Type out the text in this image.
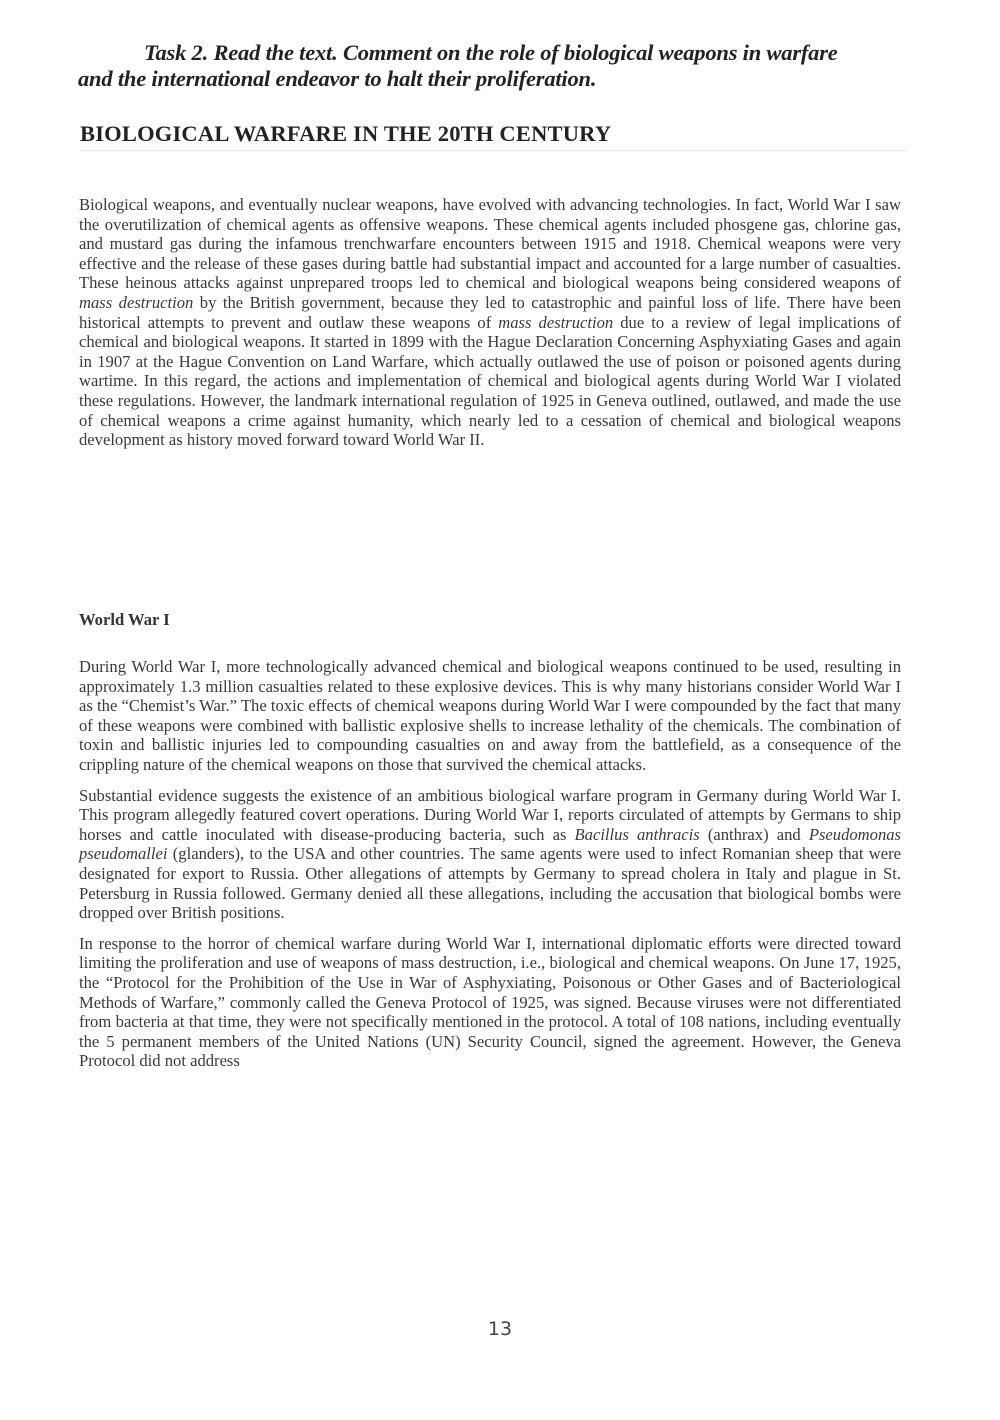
Task 2. Read the text. Comment on the role of biological weapons in warfare
and the international endeavor to halt their proliferation.
BIOLOGICAL WARFARE IN THE 20TH CENTURY

Biological weapons, and eventually nuclear weapons, have evolved with advancing technologies. In fact, World War I saw the overutilization of chemical agents as offensive weapons. These chemical agents included phosgene gas, chlorine gas, and mustard gas during the infamous trenchwarfare encounters between 1915 and 1918. Chemical weapons were very effective and the release of these gases during battle had substantial impact and accounted for a large number of casualties. These heinous attacks against unprepared troops led to chemical and biological weapons being considered weapons of mass destruction by the British government, because they led to catastrophic and painful loss of life. There have been historical attempts to prevent and outlaw these weapons of mass destruction due to a review of legal implications of chemical and biological weapons. It started in 1899 with the Hague Declaration Concerning Asphyxiating Gases and again in 1907 at the Hague Convention on Land Warfare, which actually outlawed the use of poison or poisoned agents during wartime. In this regard, the actions and implementation of chemical and biological agents during World War I violated these regulations. However, the landmark international regulation of 1925 in Geneva outlined, outlawed, and made the use of chemical weapons a crime against humanity, which nearly led to a cessation of chemical and biological weapons development as history moved forward toward World War II.

World War I

During World War I, more technologically advanced chemical and biological weapons continued to be used, resulting in approximately 1.3 million casualties related to these explosive devices. This is why many historians consider World War I as the “Chemist’s War.” The toxic effects of chemical weapons during World War I were compounded by the fact that many of these weapons were combined with ballistic explosive shells to increase lethality of the chemicals. The combination of toxin and ballistic injuries led to compounding casualties on and away from the battlefield, as a consequence of the crippling nature of the chemical weapons on those that survived the chemical attacks.

Substantial evidence suggests the existence of an ambitious biological warfare program in Germany during World War I. This program allegedly featured covert operations. During World War I, reports circulated of attempts by Germans to ship horses and cattle inoculated with disease-producing bacteria, such as Bacillus anthracis (anthrax) and Pseudomonas pseudomallei (glanders), to the USA and other countries. The same agents were used to infect Romanian sheep that were designated for export to Russia. Other allegations of attempts by Germany to spread cholera in Italy and plague in St. Petersburg in Russia followed. Germany denied all these allegations, including the accusation that biological bombs were dropped over British positions.

In response to the horror of chemical warfare during World War I, international diplomatic efforts were directed toward limiting the proliferation and use of weapons of mass destruction, i.e., biological and chemical weapons. On June 17, 1925, the “Protocol for the Prohibition of the Use in War of Asphyxiating, Poisonous or Other Gases and of Bacteriological Methods of Warfare,” commonly called the Geneva Protocol of 1925, was signed. Because viruses were not differentiated from bacteria at that time, they were not specifically mentioned in the protocol. A total of 108 nations, including eventually the 5 permanent members of the United Nations (UN) Security Council, signed the agreement. However, the Geneva Protocol did not address

13
